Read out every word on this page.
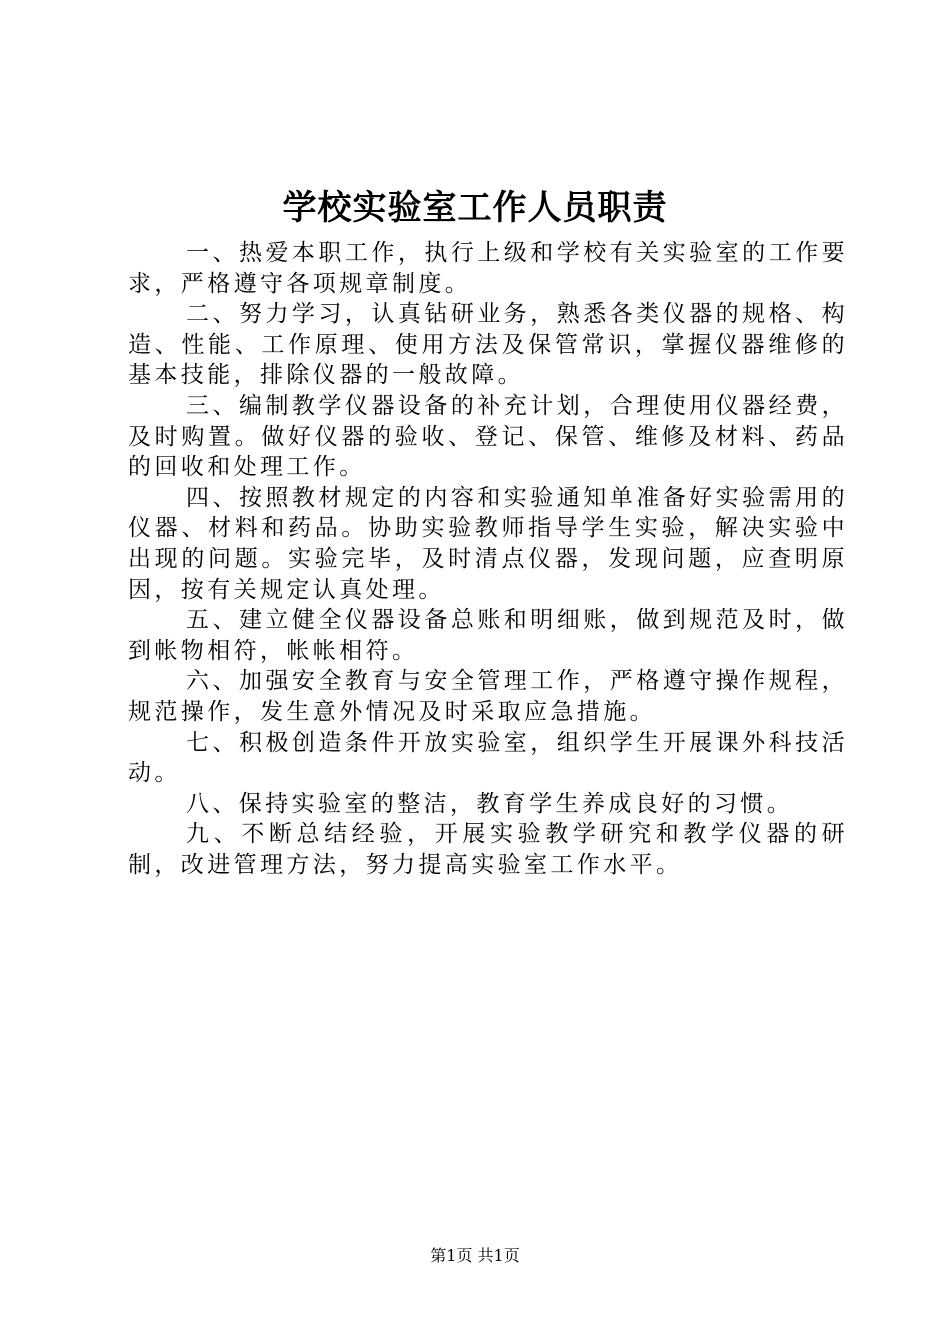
学校实验室工作人员职责

一、热爱本职工作，执行上级和学校有关实验室的工作要求，严格遵守各项规章制度。

二、努力学习，认真钻研业务，熟悉各类仪器的规格、构造、性能、工作原理、使用方法及保管常识，掌握仪器维修的基本技能，排除仪器的一般故障。

三、编制教学仪器设备的补充计划，合理使用仪器经费，及时购置。做好仪器的验收、登记、保管、维修及材料、药品的回收和处理工作。

四、按照教材规定的内容和实验通知单准备好实验需用的仪器、材料和药品。协助实验教师指导学生实验，解决实验中出现的问题。实验完毕，及时清点仪器，发现问题，应查明原因，按有关规定认真处理。

五、建立健全仪器设备总账和明细账，做到规范及时，做到帐物相符，帐帐相符。

六、加强安全教育与安全管理工作，严格遵守操作规程，规范操作，发生意外情况及时采取应急措施。

七、积极创造条件开放实验室，组织学生开展课外科技活动。

八、保持实验室的整洁，教育学生养成良好的习惯。

九、不断总结经验，开展实验教学研究和教学仪器的研制，改进管理方法，努力提高实验室工作水平。

第1页 共1页
